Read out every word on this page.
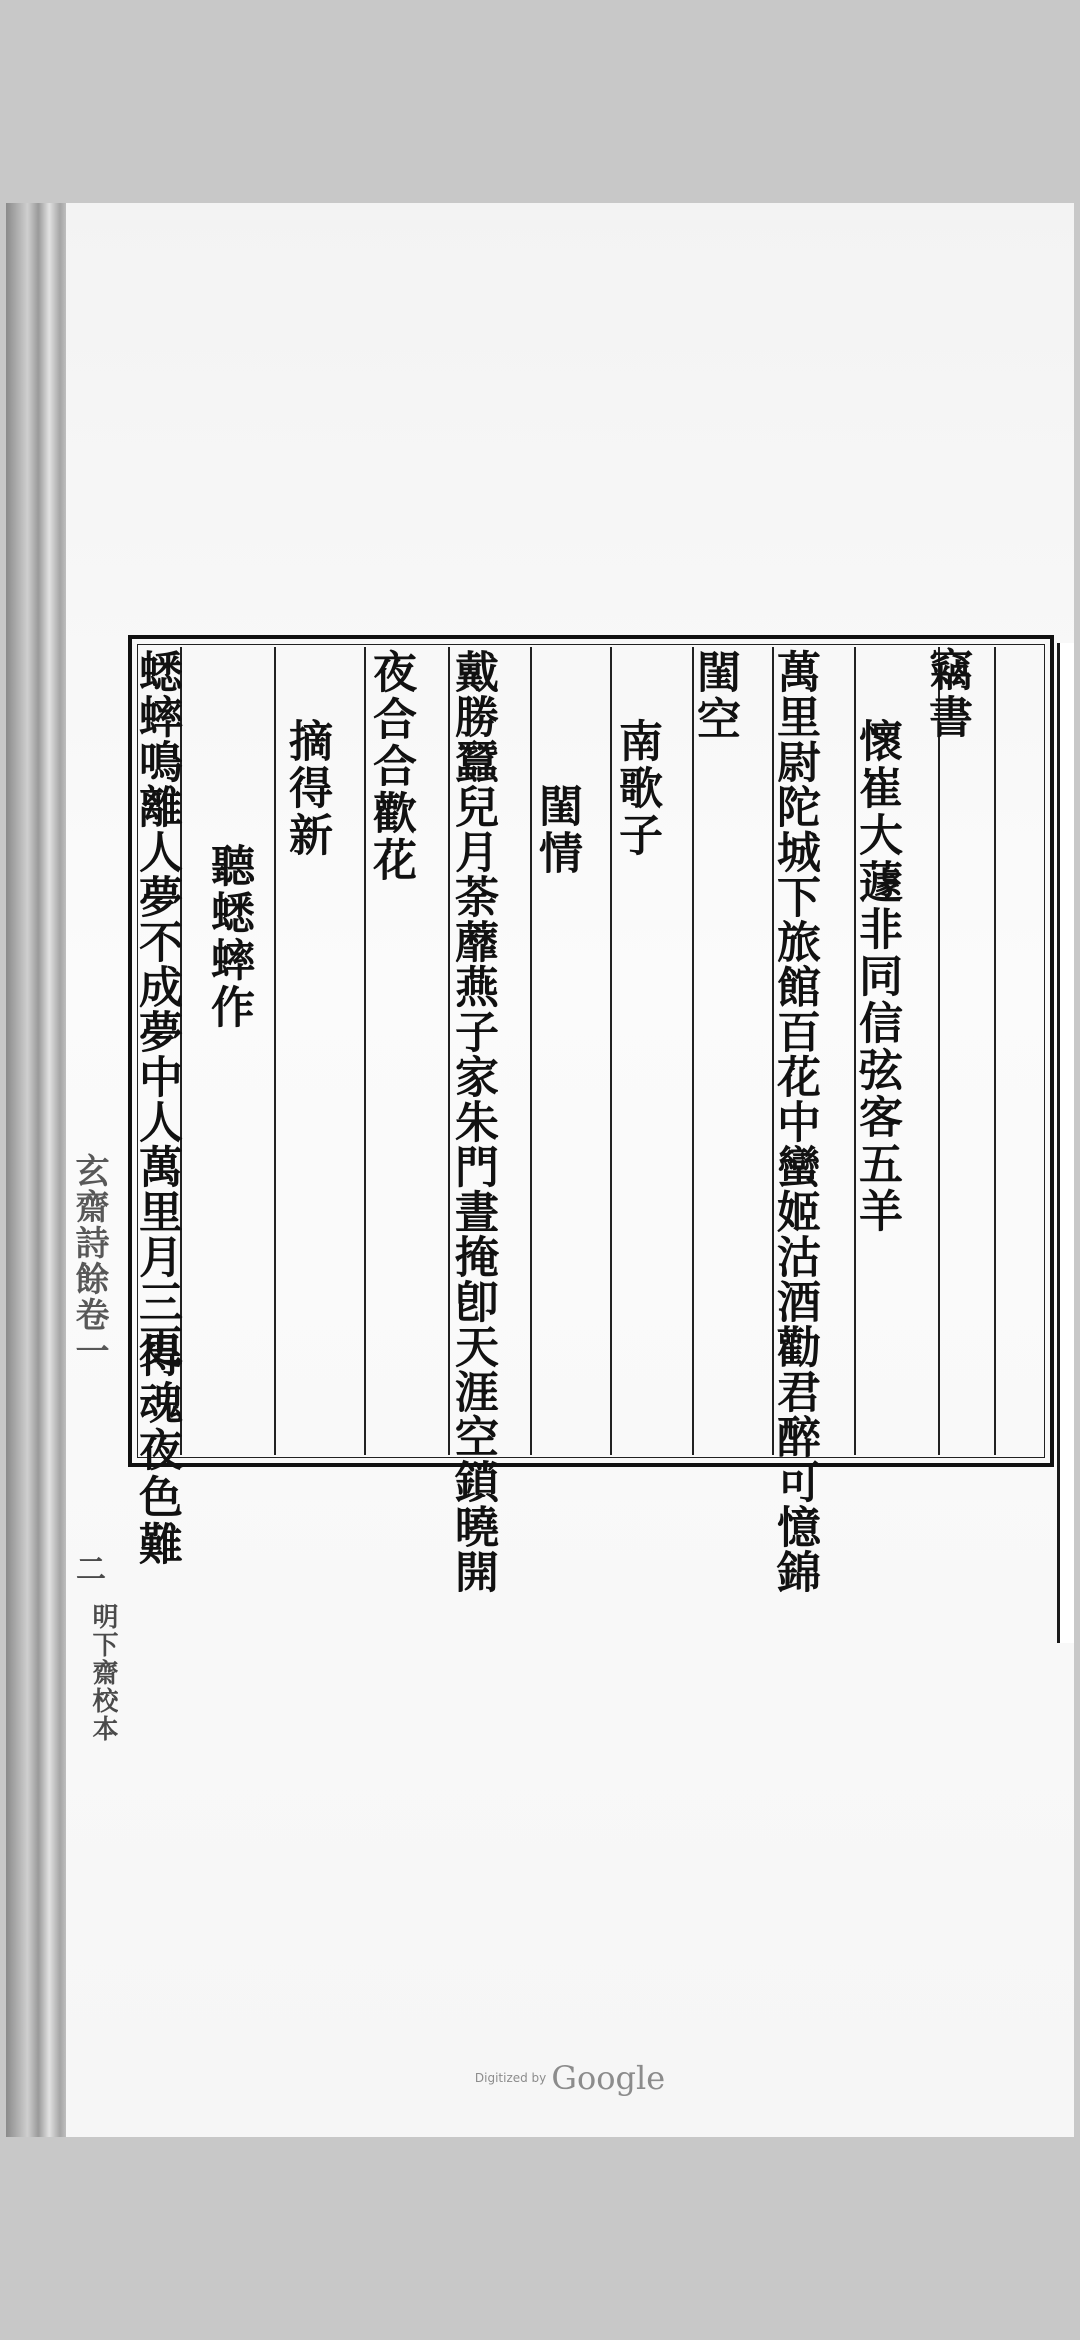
竊書
懷崔大蘧非同信弦客五羊
萬里尉陀城下旅館百花中蠻姬沽酒勸君醉可憶錦
閨空
南歌子
閨情
戴勝蠶兒月荼蘼燕子家朱門晝掩卽天涯空鎖曉開
夜合合歡花
摘得新
聽蟋蟀作
蟋蟀鳴離人夢不成夢中人萬里月三更
得魂夜色難
玄齋詩餘卷一
二
明下齋校本
Digitized by Google
